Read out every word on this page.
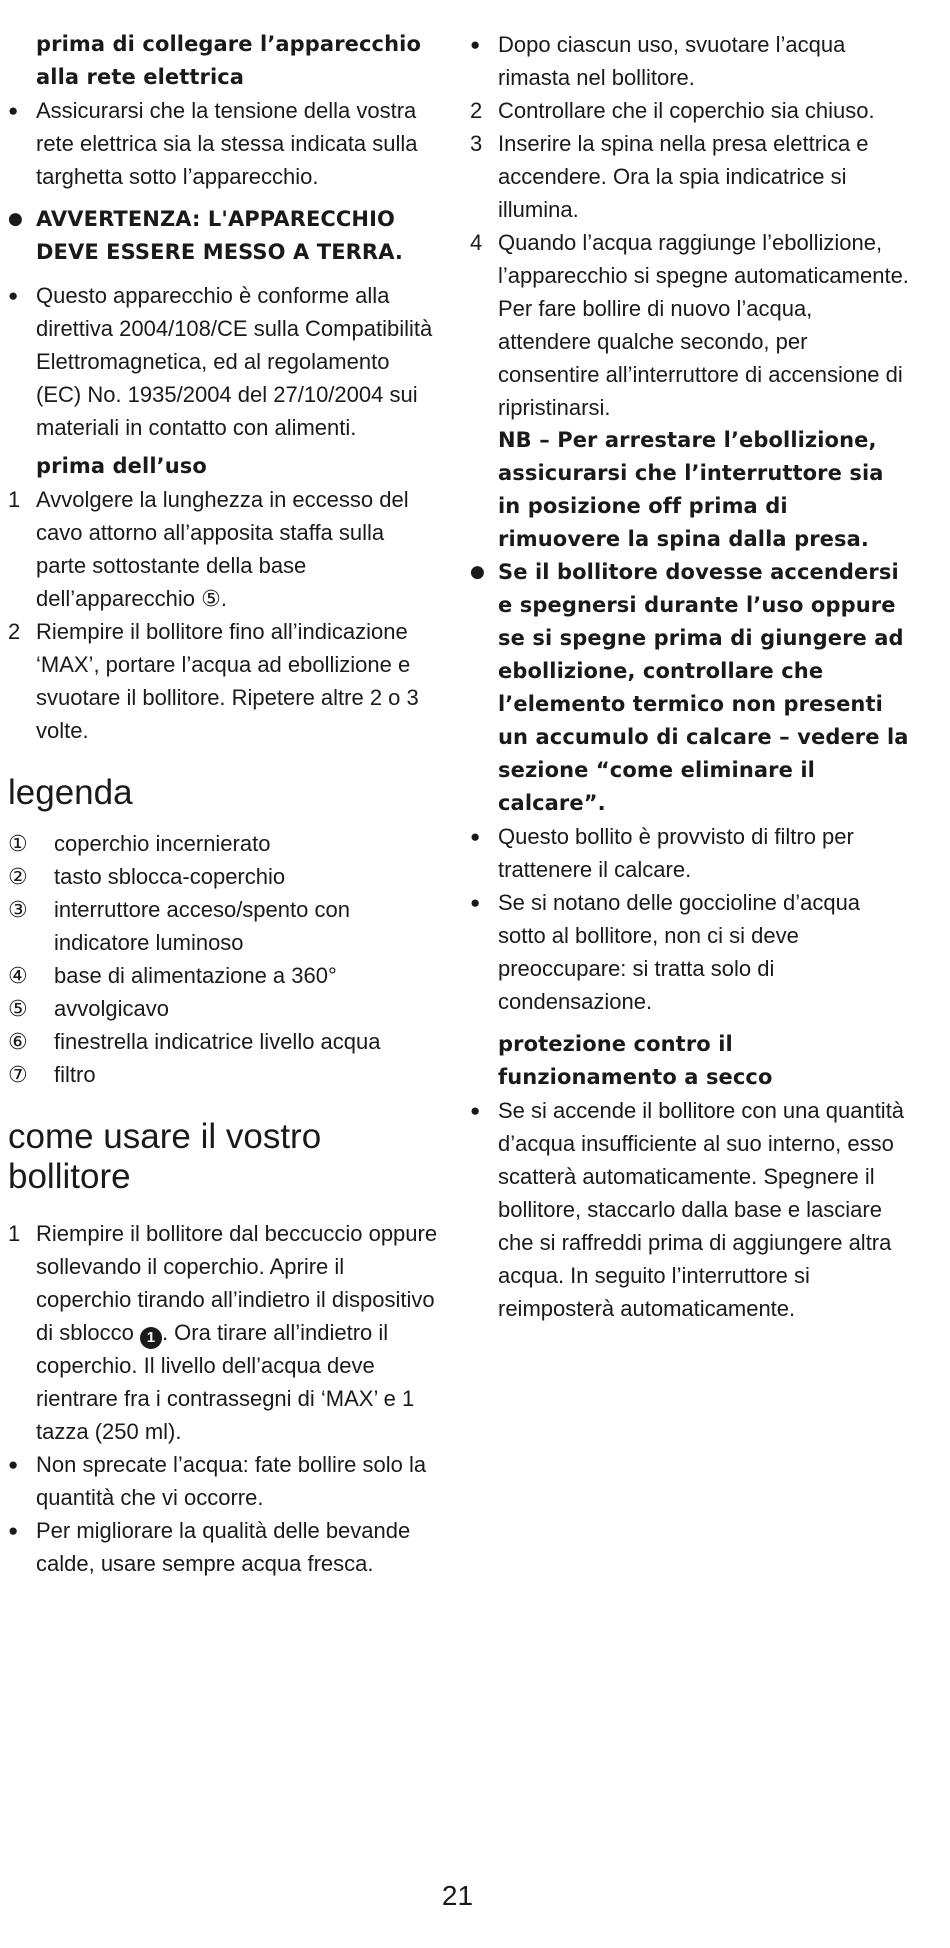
prima di collegare l’apparecchio alla rete elettrica

● Assicurarsi che la tensione della vostra rete elettrica sia la stessa indicata sulla targhetta sotto l’apparecchio.
● AVVERTENZA: L'APPARECCHIO DEVE ESSERE MESSO A TERRA.
● Questo apparecchio è conforme alla direttiva 2004/108/CE sulla Compatibilità Elettromagnetica, ed al regolamento (EC) No. 1935/2004 del 27/10/2004 sui materiali in contatto con alimenti.

prima dell’uso

1 Avvolgere la lunghezza in eccesso del cavo attorno all’apposita staffa sulla parte sottostante della base dell’apparecchio ⑤.
2 Riempire il bollitore fino all’indicazione ‘MAX’, portare l’acqua ad ebollizione e svuotare il bollitore. Ripetere altre 2 o 3 volte.
legenda
① coperchio incernierato
② tasto sblocca-coperchio
③ interruttore acceso/spento con indicatore luminoso
④ base di alimentazione a 360°
⑤ avvolgicavo
⑥ finestrella indicatrice livello acqua
⑦ filtro
come usare il vostro bollitore
1 Riempire il bollitore dal beccuccio oppure sollevando il coperchio. Aprire il coperchio tirando all’indietro il dispositivo di sblocco 1 . Ora tirare all’indietro il coperchio. Il livello dell’acqua deve rientrare fra i contrassegni di ‘MAX’ e 1 tazza (250 ml).
● Non sprecate l’acqua: fate bollire solo la quantità che vi occorre.
● Per migliorare la qualità delle bevande calde, usare sempre acqua fresca.
● Dopo ciascun uso, svuotare l’acqua rimasta nel bollitore.
2 Controllare che il coperchio sia chiuso.
3 Inserire la spina nella presa elettrica e accendere. Ora la spia indicatrice si illumina.
4 Quando l’acqua raggiunge l’ebollizione, l’apparecchio si spegne automaticamente. Per fare bollire di nuovo l’acqua, attendere qualche secondo, per consentire all’interruttore di accensione di ripristinarsi.

NB – Per arrestare l’ebollizione, assicurarsi che l’interruttore sia in posizione off prima di rimuovere la spina dalla presa.

● Se il bollitore dovesse accendersi e spegnersi durante l’uso oppure se si spegne prima di giungere ad ebollizione, controllare che l’elemento termico non presenti un accumulo di calcare – vedere la sezione “come eliminare il calcare”.
● Questo bollito è provvisto di filtro per trattenere il calcare.
● Se si notano delle goccioline d’acqua sotto al bollitore, non ci si deve preoccupare: si tratta solo di condensazione.

protezione contro il funzionamento a secco

● Se si accende il bollitore con una quantità d’acqua insufficiente al suo interno, esso scatterà automaticamente. Spegnere il bollitore, staccarlo dalla base e lasciare che si raffreddi prima di aggiungere altra acqua. In seguito l’interruttore si reimposterà automaticamente.
21
